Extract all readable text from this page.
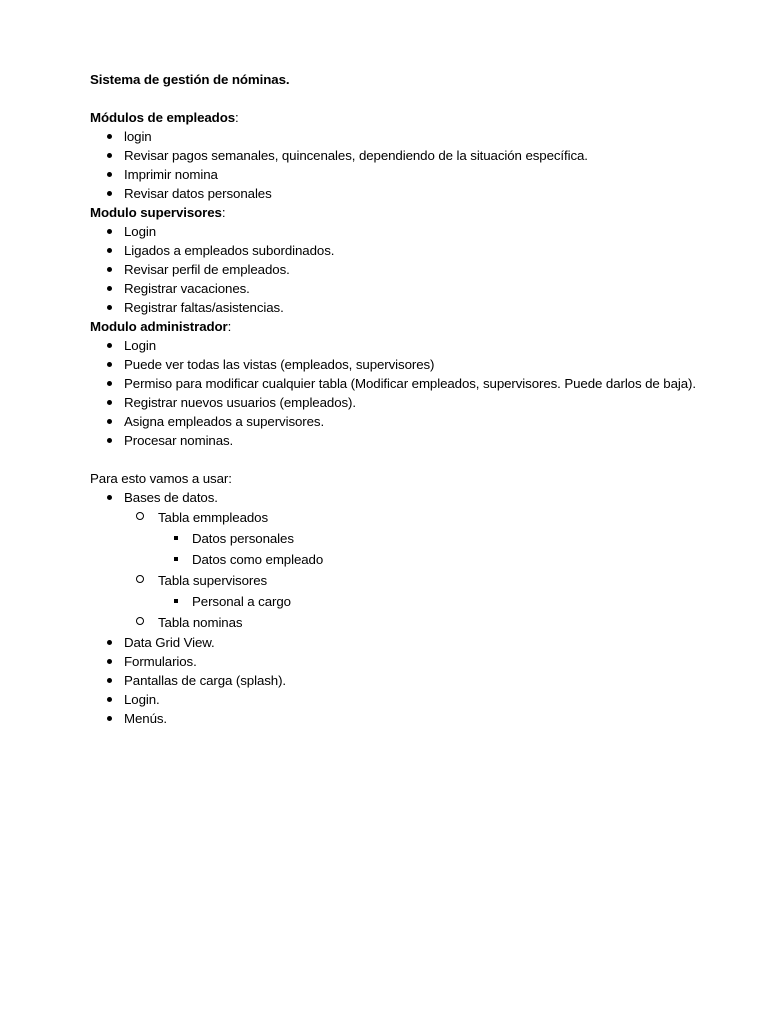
Sistema de gestión de nóminas.

Módulos de empleados:

login
Revisar pagos semanales, quincenales, dependiendo de la situación específica.
Imprimir nomina
Revisar datos personales

Modulo supervisores:

Login
Ligados a empleados subordinados.
Revisar perfil de empleados.
Registrar vacaciones.
Registrar faltas/asistencias.

Modulo administrador:

Login
Puede ver todas las vistas (empleados, supervisores)
Permiso para modificar cualquier tabla (Modificar empleados, supervisores. Puede darlos de baja).
Registrar nuevos usuarios (empleados).
Asigna empleados a supervisores.
Procesar nominas.

Para esto vamos a usar:

Bases de datos.
Tabla emmpleados
Datos personales
Datos como empleado
Tabla supervisores
Personal a cargo
Tabla nominas
Data Grid View.
Formularios.
Pantallas de carga (splash).
Login.
Menús.
